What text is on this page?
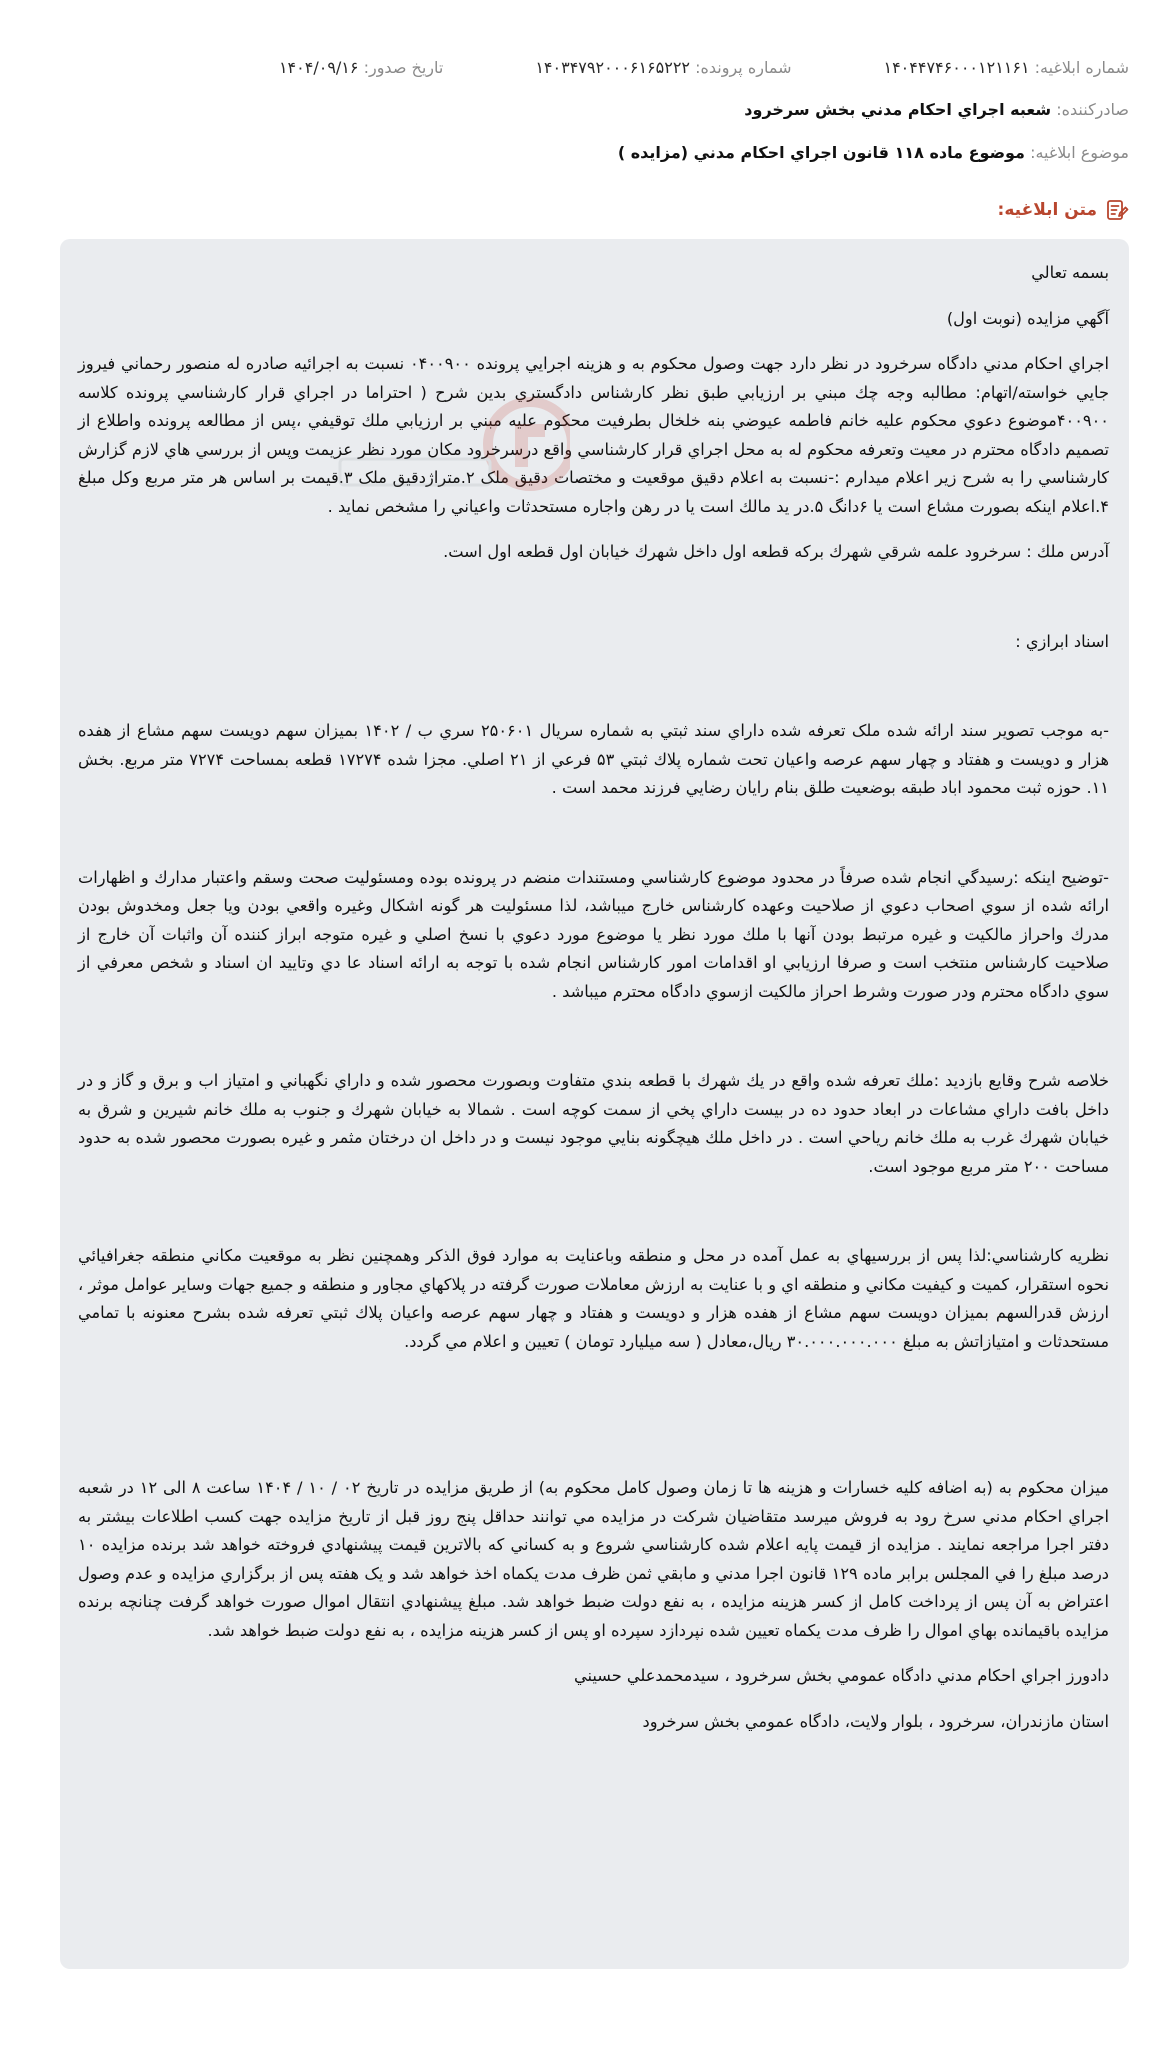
شماره ابلاغیه: ۱۴۰۴۴۷۴۶۰۰۰۱۲۱۱۶۱
شماره پرونده: ۱۴۰۳۴۷۹۲۰۰۰۶۱۶۵۲۲۲
تاریخ صدور: ۱۴۰۴/۰۹/۱۶
صادرکننده: شعبه اجراي احکام مدني بخش سرخرود
موضوع ابلاغیه: موضوع ماده ۱۱۸ قانون اجراي احکام مدني (مزايده )
متن ابلاغیه:

بسمه تعالي

آگهي مزايده (نوبت اول)

اجراي احکام مدني دادگاه سرخرود در نظر دارد جهت وصول محکوم به و هزينه اجرايي پرونده ۰۴۰۰۹۰۰ نسبت به اجرائيه صادره له منصور رحماني فيروز جايي خواسته/اتهام: مطالبه وجه چك مبني بر ارزيابي طبق نظر کارشناس دادگستري بدين شرح ( احتراما در اجراي قرار کارشناسي پرونده کلاسه ۴۰۰۹۰۰موضوع دعوي محکوم عليه خانم فاطمه عيوضي بنه خلخال بطرفيت محکوم عليه مبني بر ارزيابي ملك توقيفي ،پس از مطالعه پرونده واطلاع از تصميم دادگاه محترم در معيت وتعرفه محکوم له به محل اجراي قرار کارشناسي واقع درسرخرود مکان مورد نظر عزيمت وپس از بررسي هاي لازم گزارش کارشناسي را به شرح زير اعلام ميدارم :-نسبت به اعلام دقيق موقعيت و مختصات دقيق ملک ۲.متراژدقيق ملک ۳.قيمت بر اساس هر متر مربع وکل مبلغ ۴.اعلام اينکه بصورت مشاع است يا ۶دانگ ۵.در يد مالك است يا در رهن واجاره مستحدثات واعياني را مشخص نمايد .

آدرس ملك : سرخرود علمه شرقي شهرك بركه قطعه اول داخل شهرك خيابان اول قطعه اول است.

اسناد ابرازي :

-به موجب تصوير سند ارائه شده ملک تعرفه شده داراي سند ثبتي به شماره سريال ۲۵۰۶۰۱ سري ب / ۱۴۰۲ بميزان سهم دويست سهم مشاع از هفده هزار و دويست و هفتاد و چهار سهم عرصه واعيان تحت شماره پلاك ثبتي ۵۳ فرعي از ۲۱ اصلي. مجزا شده ۱۷۲۷۴ قطعه بمساحت ۷۲۷۴ متر مربع. بخش ۱۱. حوزه ثبت محمود اباد طبقه بوضعيت طلق بنام رايان رضايي فرزند محمد است .

-توضيح اينکه :رسيدگي انجام شده صرفاً در محدود موضوع کارشناسي ومستندات منضم در پرونده بوده ومسئوليت صحت وسقم واعتبار مدارك و اظهارات ارائه شده از سوي اصحاب دعوي از صلاحيت وعهده کارشناس خارج ميباشد، لذا مسئوليت هر گونه اشکال وغيره واقعي بودن ويا جعل ومخدوش بودن مدرك واحراز مالکيت و غيره مرتبط بودن آنها با ملك مورد نظر يا موضوع مورد دعوي با نسخ اصلي و غيره متوجه ابراز کننده آن واثبات آن خارج از صلاحيت کارشناس منتخب است و صرفا ارزيابي او اقدامات امور کارشناس انجام شده با توجه به ارائه اسناد عا دي وتاييد ان اسناد و شخص معرفي از سوي دادگاه محترم ودر صورت وشرط احراز مالکيت ازسوي دادگاه محترم ميباشد .

خلاصه شرح وقايع بازديد :ملك تعرفه شده واقع در يك شهرك با قطعه بندي متفاوت وبصورت محصور شده و داراي نگهباني و امتياز اب و برق و گاز و در داخل بافت داراي مشاعات در ابعاد حدود ده در بيست داراي پخي از سمت کوچه است . شمالا به خيابان شهرك و جنوب به ملك خانم شيرين و شرق به خيابان شهرك غرب به ملك خانم رياحي است . در داخل ملك هيچگونه بنايي موجود نيست و در داخل ان درختان مثمر و غيره بصورت محصور شده به حدود مساحت ۲۰۰ متر مربع موجود است.

نظريه کارشناسي:لذا پس از بررسيهاي به عمل آمده در محل و منطقه وباعنايت به موارد فوق الذکر وهمچنين نظر به موقعيت مکاني منطقه جغرافيائي نحوه استقرار، کميت و کيفيت مکاني و منطقه اي و با عنايت به ارزش معاملات صورت گرفته در پلاکهاي مجاور و منطقه و جميع جهات وساير عوامل موثر ، ارزش قدرالسهم بميزان دويست سهم مشاع از هفده هزار و دويست و هفتاد و چهار سهم عرصه واعيان پلاك ثبتي تعرفه شده بشرح معنونه با تمامي مستحدثات و امتيازاتش به مبلغ ۳۰.۰۰۰.۰۰۰.۰۰۰ ريال،معادل ( سه ميليارد تومان ) تعيين و اعلام مي گردد.

ميزان محکوم به (به اضافه کليه خسارات و هزينه ها تا زمان وصول کامل محکوم به) از طريق مزايده در تاريخ ۰۲ / ۱۰ / ۱۴۰۴ ساعت ۸ الی ۱۲ در شعبه اجراي احکام مدني سرخ رود به فروش ميرسد متقاضيان شرکت در مزايده مي توانند حداقل پنج روز قبل از تاريخ مزايده جهت کسب اطلاعات بيشتر به دفتر اجرا مراجعه نمايند . مزايده از قيمت پايه اعلام شده کارشناسي شروع و به کساني که بالاترين قيمت پيشنهادي فروخته خواهد شد برنده مزايده ۱۰ درصد مبلغ را في المجلس برابر ماده ۱۲۹ قانون اجرا مدني و مابقي ثمن ظرف مدت يکماه اخذ خواهد شد و يک هفته پس از برگزاري مزايده و عدم وصول اعتراض به آن پس از پرداخت کامل از کسر هزينه مزايده ، به نفع دولت ضبط خواهد شد. مبلغ پيشنهادي انتقال اموال صورت خواهد گرفت چنانچه برنده مزايده باقيمانده بهاي اموال را ظرف مدت يکماه تعيين شده نپردازد سپرده او پس از کسر هزينه مزايده ، به نفع دولت ضبط خواهد شد.

دادورز اجراي احکام مدني دادگاه عمومي بخش سرخرود ، سيدمحمدعلي حسيني

استان مازندران، سرخرود ، بلوار ولايت، دادگاه عمومي بخش سرخرود
